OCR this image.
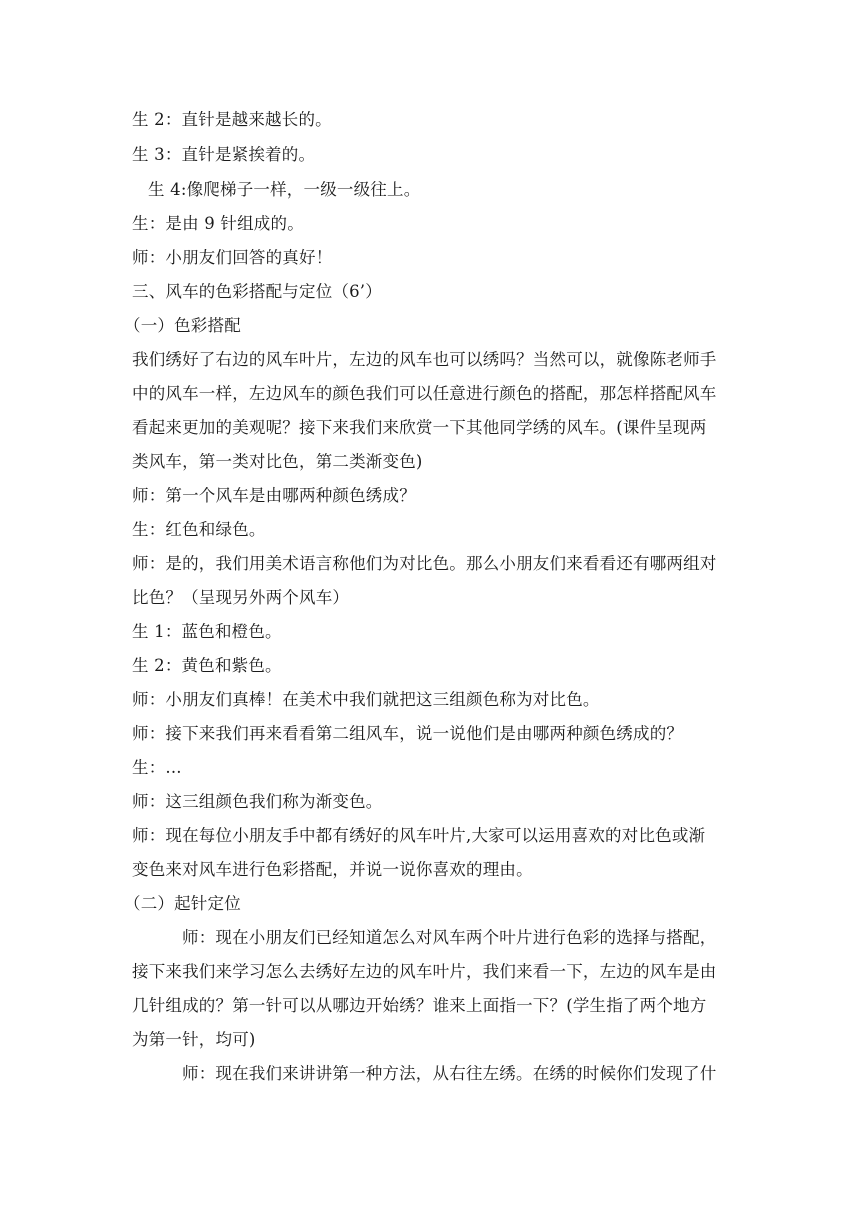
生 2：直针是越来越长的。
生 3：直针是紧挨着的。
生 4:像爬梯子一样，一级一级往上。
生：是由 9 针组成的。
师：小朋友们回答的真好！
三、风车的色彩搭配与定位（6’）
（一）色彩搭配
我们绣好了右边的风车叶片，左边的风车也可以绣吗？当然可以，就像陈老师手
中的风车一样，左边风车的颜色我们可以任意进行颜色的搭配，那怎样搭配风车
看起来更加的美观呢？接下来我们来欣赏一下其他同学绣的风车。(课件呈现两
类风车，第一类对比色，第二类渐变色)
师：第一个风车是由哪两种颜色绣成？
生：红色和绿色。
师：是的，我们用美术语言称他们为对比色。那么小朋友们来看看还有哪两组对
比色？（呈现另外两个风车）
生 1：蓝色和橙色。
生 2：黄色和紫色。
师：小朋友们真棒！在美术中我们就把这三组颜色称为对比色。
师：接下来我们再来看看第二组风车，说一说他们是由哪两种颜色绣成的？
生：...
师：这三组颜色我们称为渐变色。
师：现在每位小朋友手中都有绣好的风车叶片,大家可以运用喜欢的对比色或渐
变色来对风车进行色彩搭配，并说一说你喜欢的理由。
（二）起针定位
师：现在小朋友们已经知道怎么对风车两个叶片进行色彩的选择与搭配，
接下来我们来学习怎么去绣好左边的风车叶片，我们来看一下，左边的风车是由
几针组成的？第一针可以从哪边开始绣？谁来上面指一下？(学生指了两个地方
为第一针，均可)
师：现在我们来讲讲第一种方法，从右往左绣。在绣的时候你们发现了什
